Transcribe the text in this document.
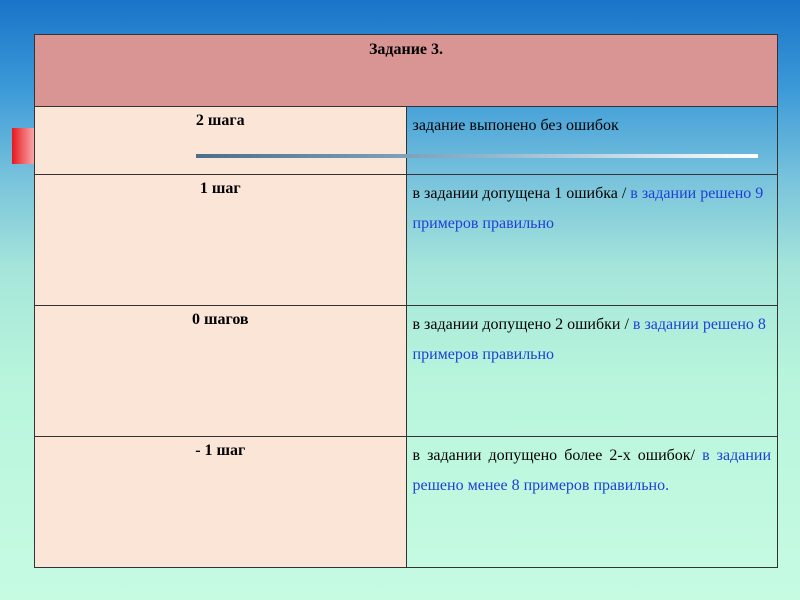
Задание 3.	
2 шага	задание выпонено без ошибок
1 шаг	в задании допущена 1 ошибка / в задании решено 9 примеров правильно
0 шагов	в задании допущено 2 ошибки / в задании решено 8 примеров правильно
- 1 шаг	в задании допущено более 2-х ошибок/ в задании решено менее 8 примеров правильно.
